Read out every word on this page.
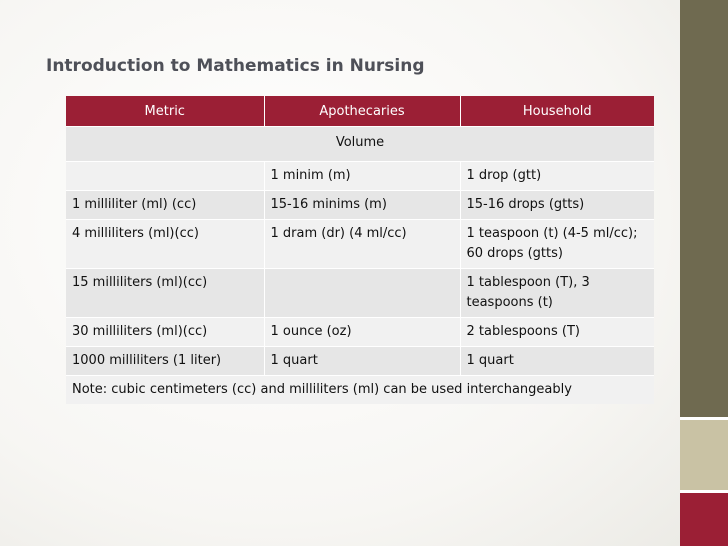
Introduction to Mathematics in Nursing
Metric	Apothecaries	Household
Volume		
	1 minim (m)	1 drop (gtt)
1 milliliter (ml) (cc)	15-16 minims (m)	15-16 drops (gtts)
4 milliliters (ml)(cc)	1 dram (dr) (4 ml/cc)	1 teaspoon (t) (4-5 ml/cc); 60 drops (gtts)
15 milliliters (ml)(cc)		1 tablespoon (T), 3 teaspoons (t)
30 milliliters (ml)(cc)	1 ounce (oz)	2 tablespoons (T)
1000 milliliters (1 liter)	1 quart	1 quart
Note: cubic centimeters (cc) and milliliters (ml) can be used interchangeably		
